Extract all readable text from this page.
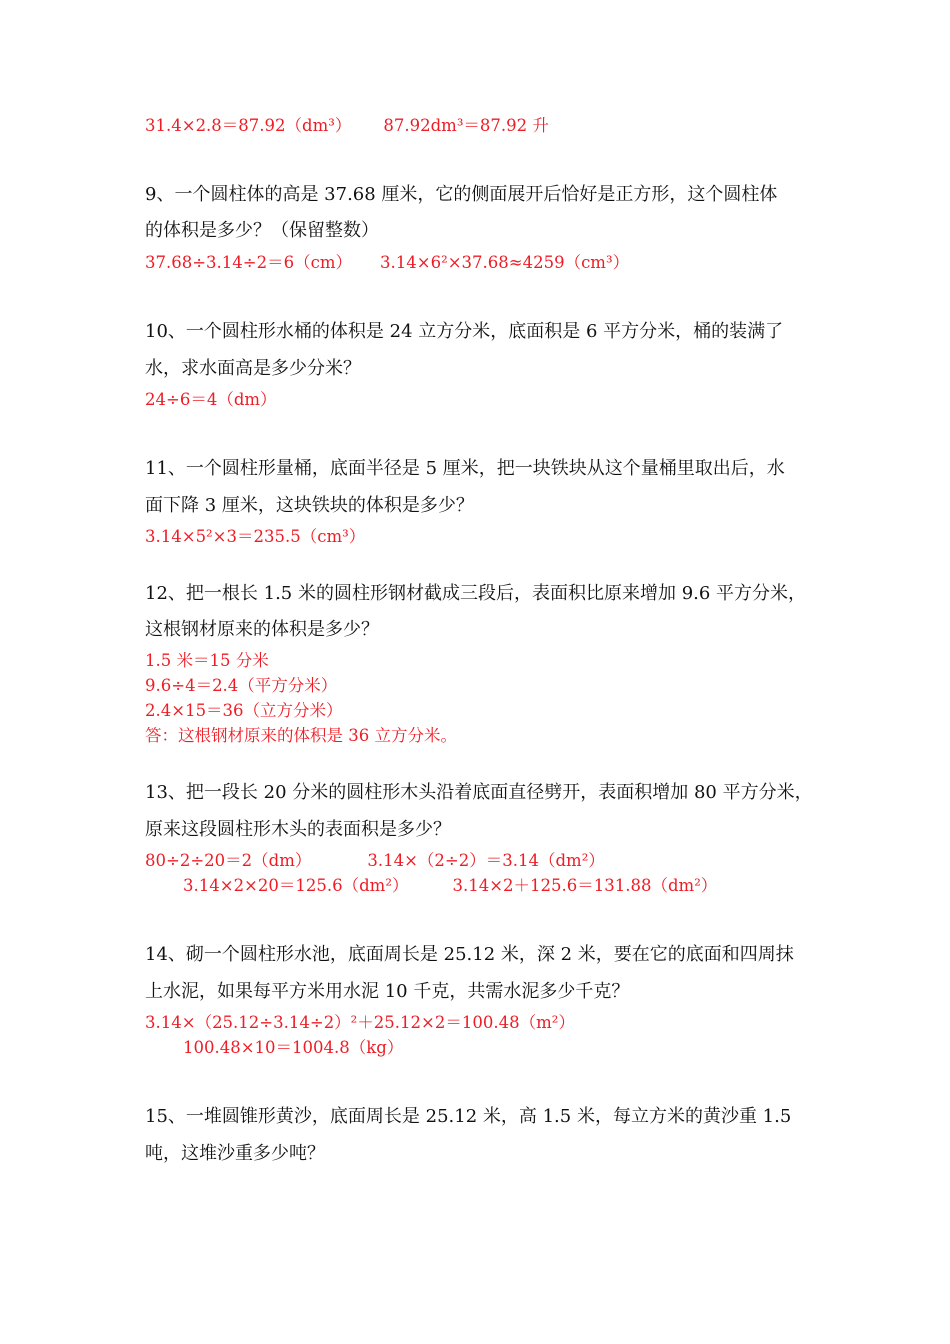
31.4×2.8＝87.92（dm³） 87.92dm³＝87.92 升
9、一个圆柱体的高是 37.68 厘米，它的侧面展开后恰好是正方形，这个圆柱体
的体积是多少？（保留整数）
37.68÷3.14÷2＝6（cm） 3.14×6²×37.68≈4259（cm³）
10、一个圆柱形水桶的体积是 24 立方分米，底面积是 6 平方分米，桶的装满了
水，求水面高是多少分米？
24÷6＝4（dm）
11、一个圆柱形量桶，底面半径是 5 厘米，把一块铁块从这个量桶里取出后，水
面下降 3 厘米，这块铁块的体积是多少？
3.14×5²×3＝235.5（cm³）
12、把一根长 1.5 米的圆柱形钢材截成三段后，表面积比原来增加 9.6 平方分米，
这根钢材原来的体积是多少？
1.5 米＝15 分米
9.6÷4＝2.4（平方分米）
2.4×15＝36（立方分米）
答：这根钢材原来的体积是 36 立方分米。
13、把一段长 20 分米的圆柱形木头沿着底面直径劈开，表面积增加 80 平方分米，
原来这段圆柱形木头的表面积是多少？
80÷2÷20＝2（dm）	3.14×（2÷2）＝3.14（dm²）
3.14×2×20＝125.6（dm²）	3.14×2＋125.6＝131.88（dm²）
14、砌一个圆柱形水池，底面周长是 25.12 米，深 2 米，要在它的底面和四周抹
上水泥，如果每平方米用水泥 10 千克，共需水泥多少千克？
3.14×（25.12÷3.14÷2）²＋25.12×2＝100.48（m²）
100.48×10＝1004.8（kg）
15、一堆圆锥形黄沙，底面周长是 25.12 米，高 1.5 米，每立方米的黄沙重 1.5
吨，这堆沙重多少吨？
